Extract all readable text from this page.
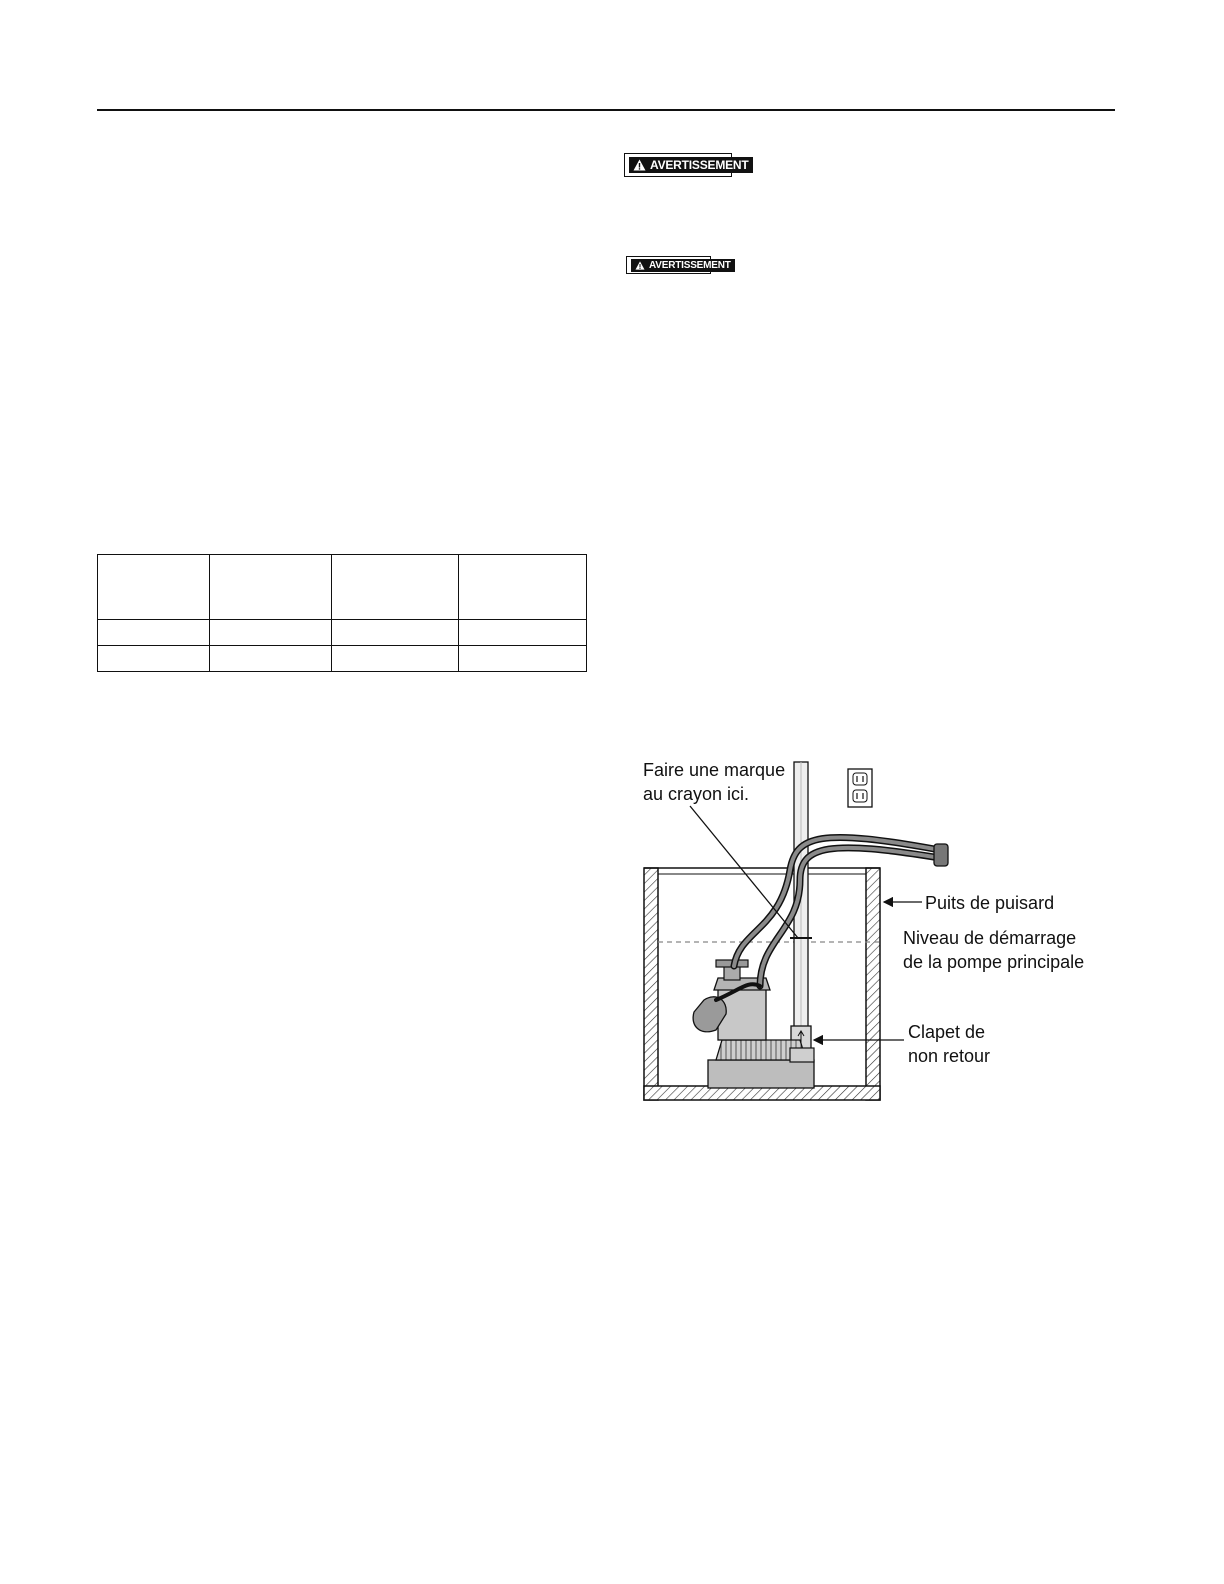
AVERTISSEMENT
AVERTISSEMENT

Faire une marque au crayon ici.
Puits de puisard
Niveau de démarrage de la pompe principale
Clapet de non retour
